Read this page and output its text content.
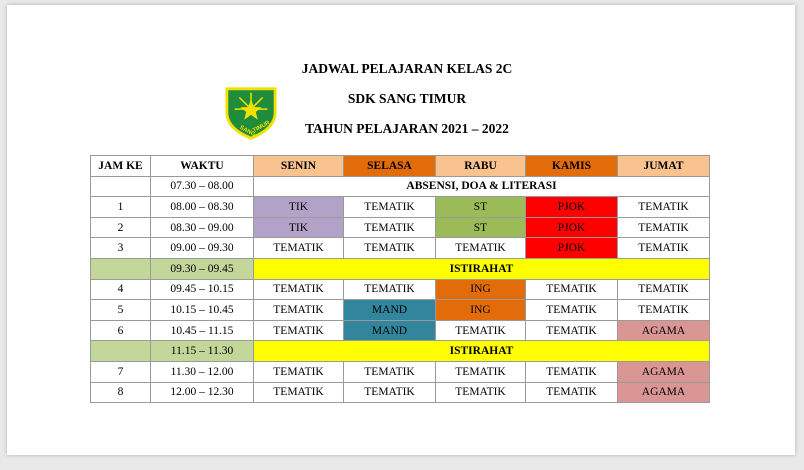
SANG
TIMUR
JADWAL PELAJARAN KELAS 2C
SDK SANG TIMUR
TAHUN PELAJARAN 2021 – 2022
JAM KE	WAKTU	SENIN	SELASA	RABU	KAMIS	JUMAT
	07.30 – 08.00	ABSENSI, DOA & LITERASI				
1	08.00 – 08.30	TIK	TEMATIK	ST	PJOK	TEMATIK
2	08.30 – 09.00	TIK	TEMATIK	ST	PJOK	TEMATIK
3	09.00 – 09.30	TEMATIK	TEMATIK	TEMATIK	PJOK	TEMATIK
	09.30 – 09.45	ISTIRAHAT				
4	09.45 – 10.15	TEMATIK	TEMATIK	ING	TEMATIK	TEMATIK
5	10.15 – 10.45	TEMATIK	MAND	ING	TEMATIK	TEMATIK
6	10.45 – 11.15	TEMATIK	MAND	TEMATIK	TEMATIK	AGAMA
	11.15 – 11.30	ISTIRAHAT				
7	11.30 – 12.00	TEMATIK	TEMATIK	TEMATIK	TEMATIK	AGAMA
8	12.00 – 12.30	TEMATIK	TEMATIK	TEMATIK	TEMATIK	AGAMA
